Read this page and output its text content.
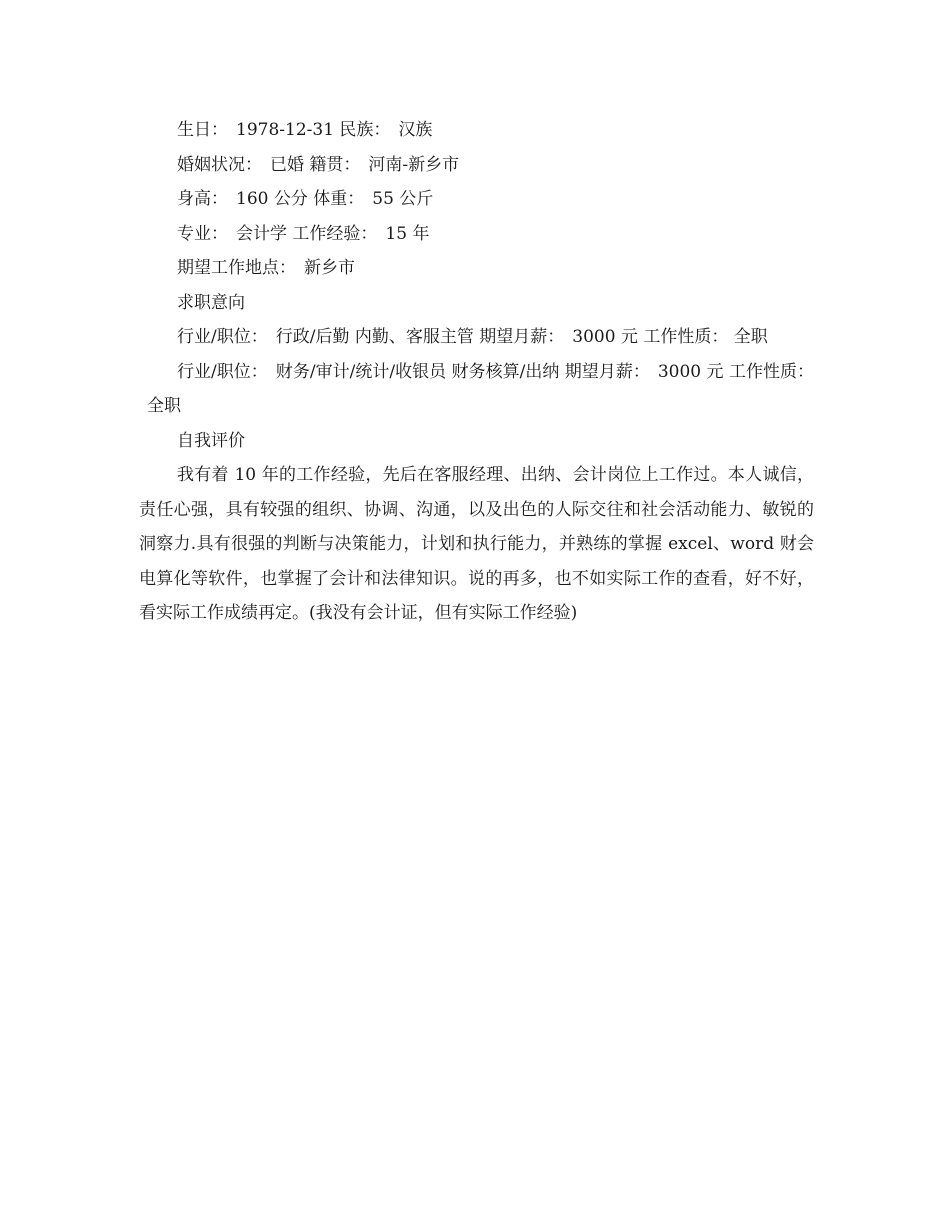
生日： 1978-12-31 民族： 汉族

婚姻状况： 已婚 籍贯： 河南-新乡市

身高： 160 公分 体重： 55 公斤

专业： 会计学 工作经验： 15 年

期望工作地点： 新乡市

求职意向

行业/职位： 行政/后勤 内勤、客服主管 期望月薪： 3000 元 工作性质： 全职

行业/职位： 财务/审计/统计/收银员 财务核算/出纳 期望月薪： 3000 元 工作性质：全职

自我评价

我有着 10 年的工作经验，先后在客服经理、出纳、会计岗位上工作过。本人诚信，责任心强，具有较强的组织、协调、沟通，以及出色的人际交往和社会活动能力、敏锐的洞察力.具有很强的判断与决策能力，计划和执行能力，并熟练的掌握 excel、word 财会电算化等软件，也掌握了会计和法律知识。说的再多，也不如实际工作的查看，好不好，看实际工作成绩再定。(我没有会计证，但有实际工作经验)
